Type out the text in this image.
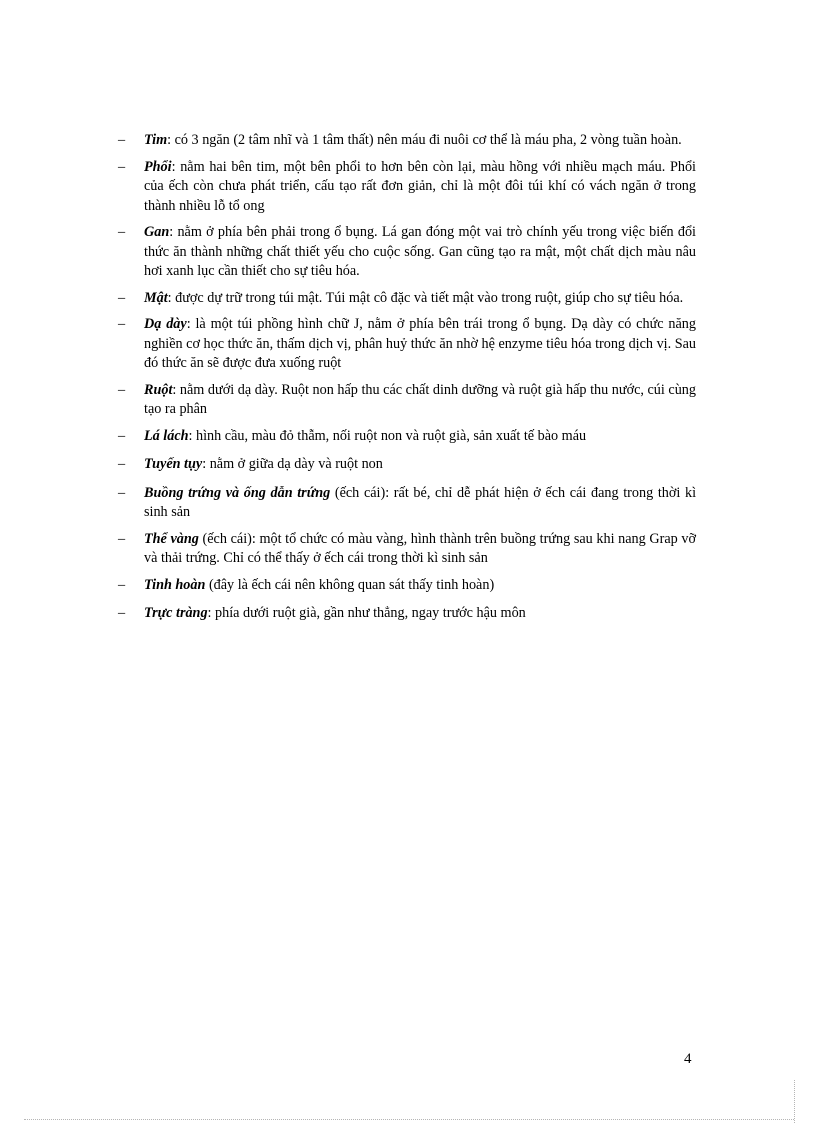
–	Tim: có 3 ngăn (2 tâm nhĩ và 1 tâm thất) nên máu đi nuôi cơ thể là máu pha, 2 vòng tuần hoàn.
–	Phổi: nằm hai bên tim, một bên phổi to hơn bên còn lại, màu hồng với nhiều mạch máu. Phổi của ếch còn chưa phát triển, cấu tạo rất đơn giản, chỉ là một đôi túi khí có vách ngăn ở trong thành nhiều lỗ tổ ong
–	Gan: nằm ở phía bên phải trong ổ bụng. Lá gan đóng một vai trò chính yếu trong việc biến đổi thức ăn thành những chất thiết yếu cho cuộc sống. Gan cũng tạo ra mật, một chất dịch màu nâu hơi xanh lục cần thiết cho sự tiêu hóa.
–	Mật: được dự trữ trong túi mật. Túi mật cô đặc và tiết mật vào trong ruột, giúp cho sự tiêu hóa.
–	Dạ dày: là một túi phồng hình chữ J, nằm ở phía bên trái trong ổ bụng. Dạ dày có chức năng nghiền cơ học thức ăn, thấm dịch vị, phân huỷ thức ăn nhờ hệ enzyme tiêu hóa trong dịch vị. Sau đó thức ăn sẽ được đưa xuống ruột
–	Ruột: nằm dưới dạ dày. Ruột non hấp thu các chất dinh dưỡng và ruột già hấp thu nước, cúi cùng tạo ra phân
–	Lá lách: hình cầu, màu đỏ thẫm, nối ruột non và ruột già, sản xuất tế bào máu
–	Tuyến tụy: nằm ở giữa dạ dày và ruột non
–	Buồng trứng và ống dẫn trứng (ếch cái): rất bé, chỉ dễ phát hiện ở ếch cái đang trong thời kì sinh sản
–	Thể vàng (ếch cái): một tổ chức có màu vàng, hình thành trên buồng trứng sau khi nang Grap vỡ và thải trứng. Chỉ có thể thấy ở ếch cái trong thời kì sinh sản
–	Tinh hoàn (đây là ếch cái nên không quan sát thấy tinh hoàn)
–	Trực tràng: phía dưới ruột già, gần như thẳng, ngay trước hậu môn
4
